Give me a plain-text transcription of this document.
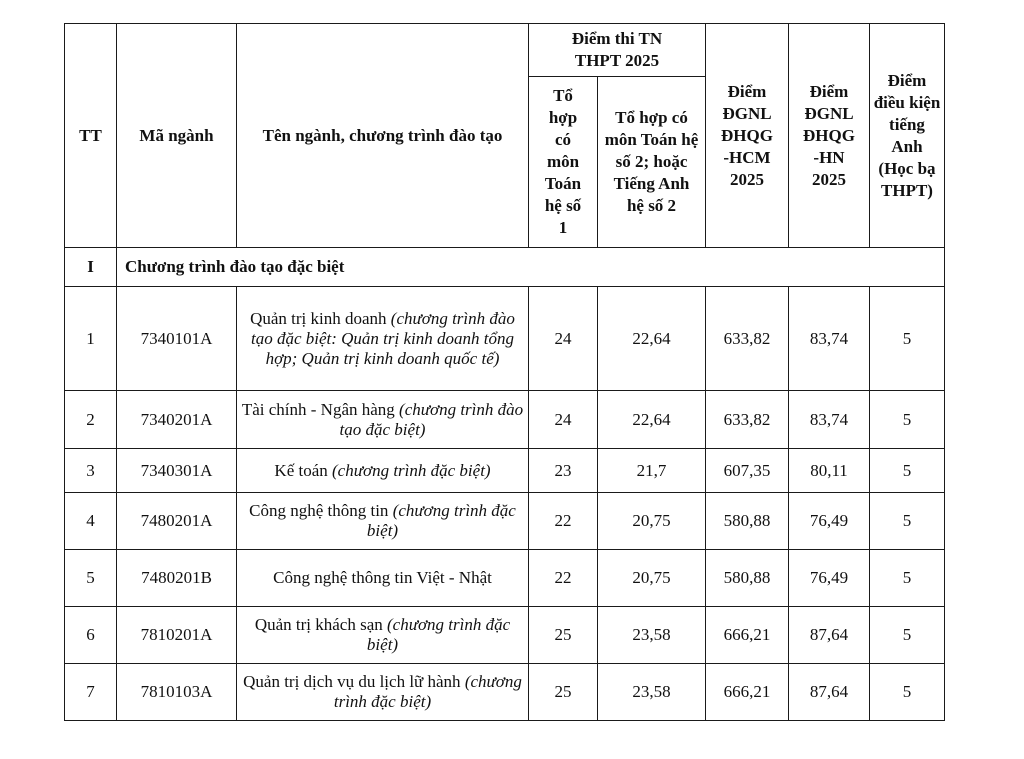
TT	Mã ngành	Tên ngành, chương trình đào tạo	Điểm thi TN THPT 2025		Điểm ĐGNL ĐHQG -HCM 2025	Điểm ĐGNL ĐHQG -HN 2025	Điểm điều kiện tiếng Anh (Học bạ THPT)
			Tổ hợp có môn Toán hệ số 1	Tổ hợp có môn Toán hệ số 2; hoặc Tiếng Anh hệ số 2			
I	Chương trình đào tạo đặc biệt						
1	7340101A	Quản trị kinh doanh (chương trình đào tạo đặc biệt: Quản trị kinh doanh tổng hợp; Quản trị kinh doanh quốc tế)	24	22,64	633,82	83,74	5
2	7340201A	Tài chính - Ngân hàng (chương trình đào tạo đặc biệt)	24	22,64	633,82	83,74	5
3	7340301A	Kế toán (chương trình đặc biệt)	23	21,7	607,35	80,11	5
4	7480201A	Công nghệ thông tin (chương trình đặc biệt)	22	20,75	580,88	76,49	5
5	7480201B	Công nghệ thông tin Việt - Nhật	22	20,75	580,88	76,49	5
6	7810201A	Quản trị khách sạn (chương trình đặc biệt)	25	23,58	666,21	87,64	5
7	7810103A	Quản trị dịch vụ du lịch lữ hành (chương trình đặc biệt)	25	23,58	666,21	87,64	5
